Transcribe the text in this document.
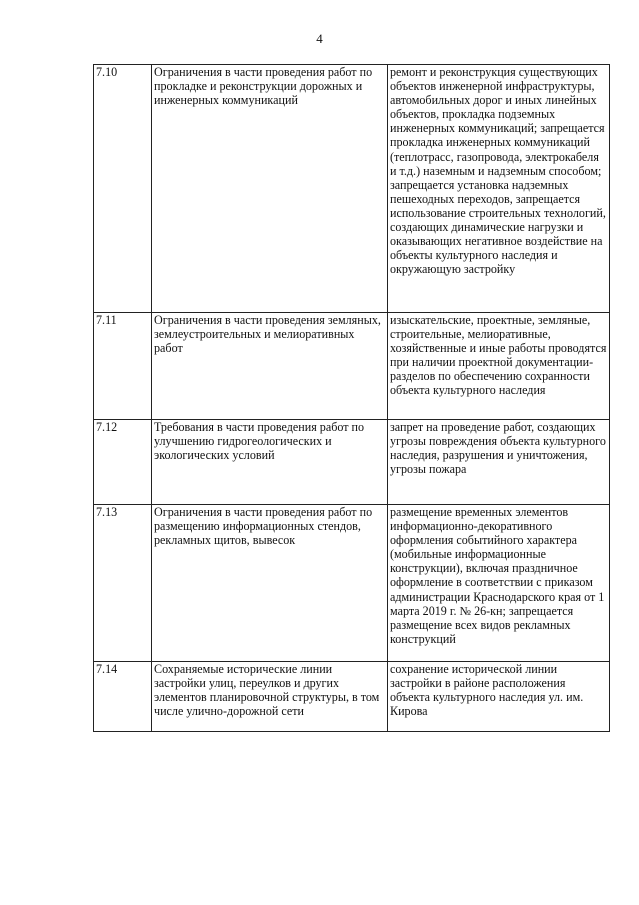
4
7.10	Ограничения в части проведения работ по прокладке и реконструкции дорожных и инженерных коммуникаций	ремонт и реконструкция существующих объектов инженерной инфраструктуры, автомобильных дорог и иных линейных объектов, прокладка подземных инженерных коммуникаций; запрещается прокладка инженерных коммуникаций (теплотрасс, газопровода, электрокабеля и т.д.) наземным и надземным способом; запрещается установка надземных пешеходных переходов, запрещается использование строительных технологий, создающих динамические нагрузки и оказывающих негативное воздействие на объекты культурного наследия и окружающую застройку

7.11	Ограничения в части проведения земляных, землеустроительных и мелиоративных работ	изыскательские, проектные, земляные, строительные, мелиоративные, хозяйственные и иные работы проводятся при наличии проектной документации- разделов по обеспечению сохранности объекта культурного наследия

7.12	Требования в части проведения работ по улучшению гидрогеологических и экологических условий	запрет на проведение работ, создающих угрозы повреждения объекта культурного наследия, разрушения и уничтожения, угрозы пожара

7.13	Ограничения в части проведения работ по размещению информационных стендов, рекламных щитов, вывесок	размещение временных элементов информационно-декоративного оформления событийного характера (мобильные информационные конструкции), включая праздничное оформление в соответствии с приказом администрации Краснодарского края от 1 марта 2019 г. № 26-кн; запрещается размещение всех видов рекламных конструкций

7.14	Сохраняемые исторические линии застройки улиц, переулков и других элементов планировочной структуры, в том числе улично-дорожной сети	сохранение исторической линии застройки в районе расположения объекта культурного наследия ул. им. Кирова
